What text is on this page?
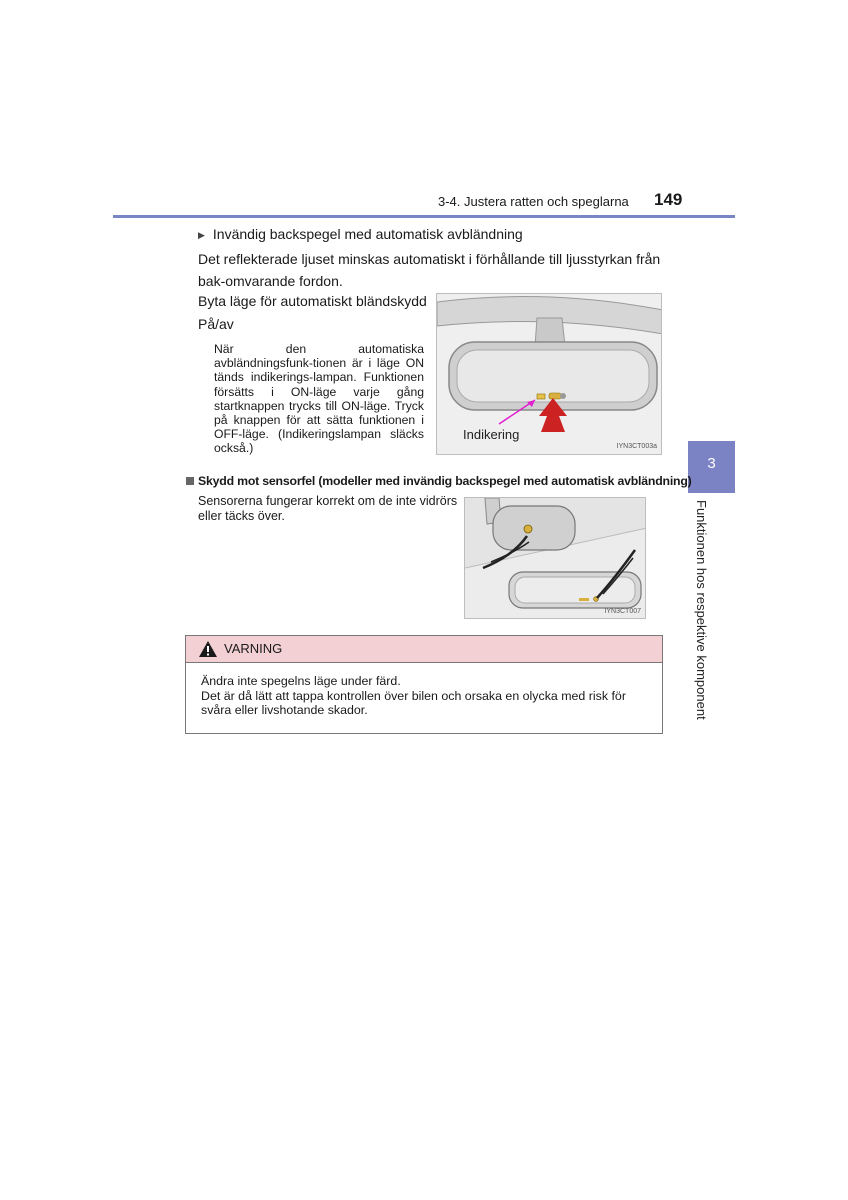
3-4. Justera ratten och speglarna 149
3
Funktionen hos respektive komponent
▶ Invändig backspegel med automatisk avbländning
Det reflekterade ljuset minskas automatiskt i förhållande till ljusstyrkan från bak-omvarande fordon.
Byta läge för automatiskt bländskydd
På/av
När den automatiska avbländningsfunk-tionen är i läge ON tänds indikerings-lampan. Funktionen försätts i ON-läge varje gång startknappen trycks till ON-läge. Tryck på knappen för att sätta funktionen i OFF-läge. (Indikeringslampan släcks också.)
Indikering
IYN3CT003a
Skydd mot sensorfel (modeller med invändig backspegel med automatisk avbländning)
Sensorerna fungerar korrekt om de inte vidrörs eller täcks över.
IYN3CT007
VARNING
Ändra inte spegelns läge under färd.
Det är då lätt att tappa kontrollen över bilen och orsaka en olycka med risk för svåra eller livshotande skador.
